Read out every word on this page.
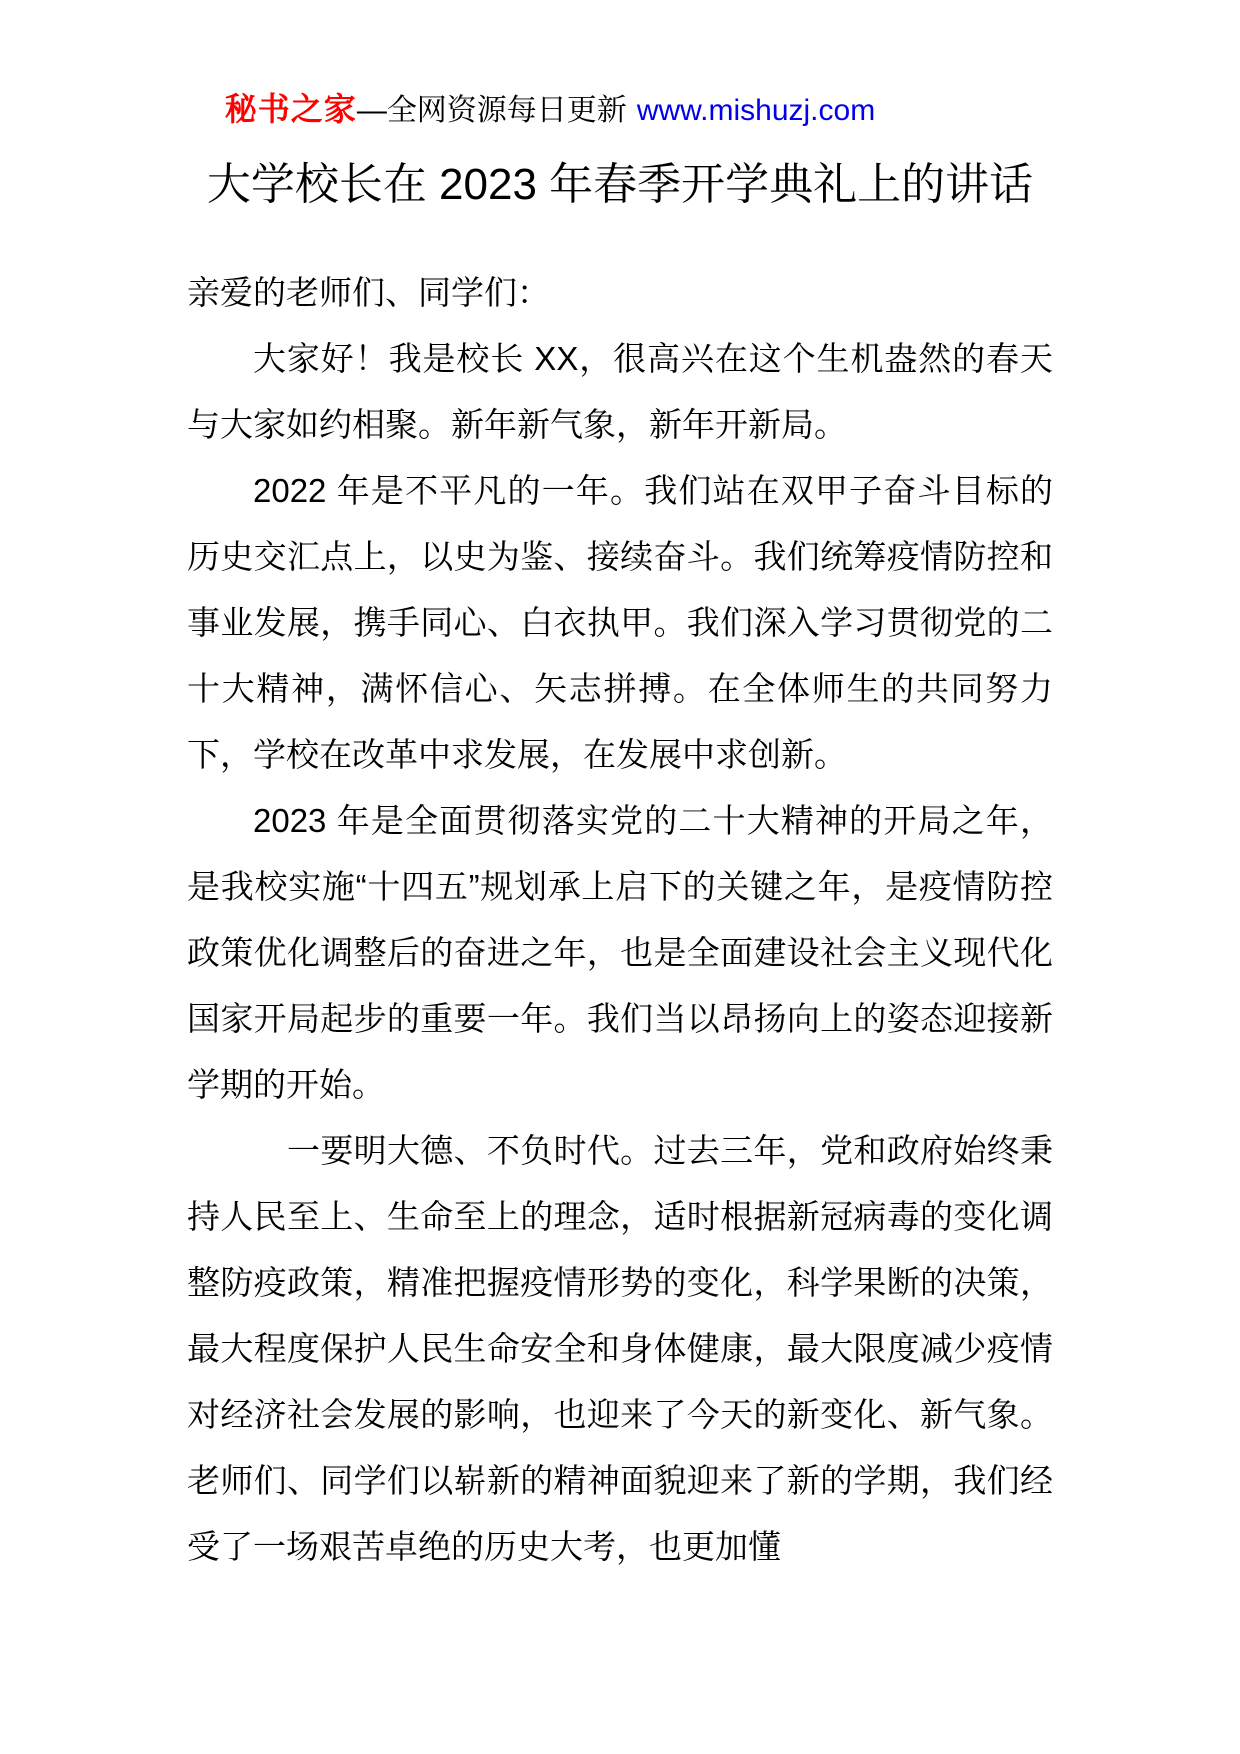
秘书之家—全网资源每日更新 www.mishuzj.com
大学校长在 2023 年春季开学典礼上的讲话

亲爱的老师们、同学们：

大家好！我是校长 XX，很高兴在这个生机盎然的春天与大家如约相聚。新年新气象，新年开新局。

2022 年是不平凡的一年。我们站在双甲子奋斗目标的历史交汇点上，以史为鉴、接续奋斗。我们统筹疫情防控和事业发展，携手同心、白衣执甲。我们深入学习贯彻党的二十大精神，满怀信心、矢志拼搏。在全体师生的共同努力下，学校在改革中求发展，在发展中求创新。

2023 年是全面贯彻落实党的二十大精神的开局之年，是我校实施“十四五”规划承上启下的关键之年，是疫情防控政策优化调整后的奋进之年，也是全面建设社会主义现代化国家开局起步的重要一年。我们当以昂扬向上的姿态迎接新学期的开始。

一要明大德、不负时代。过去三年，党和政府始终秉持人民至上、生命至上的理念，适时根据新冠病毒的变化调整防疫政策，精准把握疫情形势的变化，科学果断的决策，最大程度保护人民生命安全和身体健康，最大限度减少疫情对经济社会发展的影响，也迎来了今天的新变化、新气象。老师们、同学们以崭新的精神面貌迎来了新的学期，我们经受了一场艰苦卓绝的历史大考，也更加懂
